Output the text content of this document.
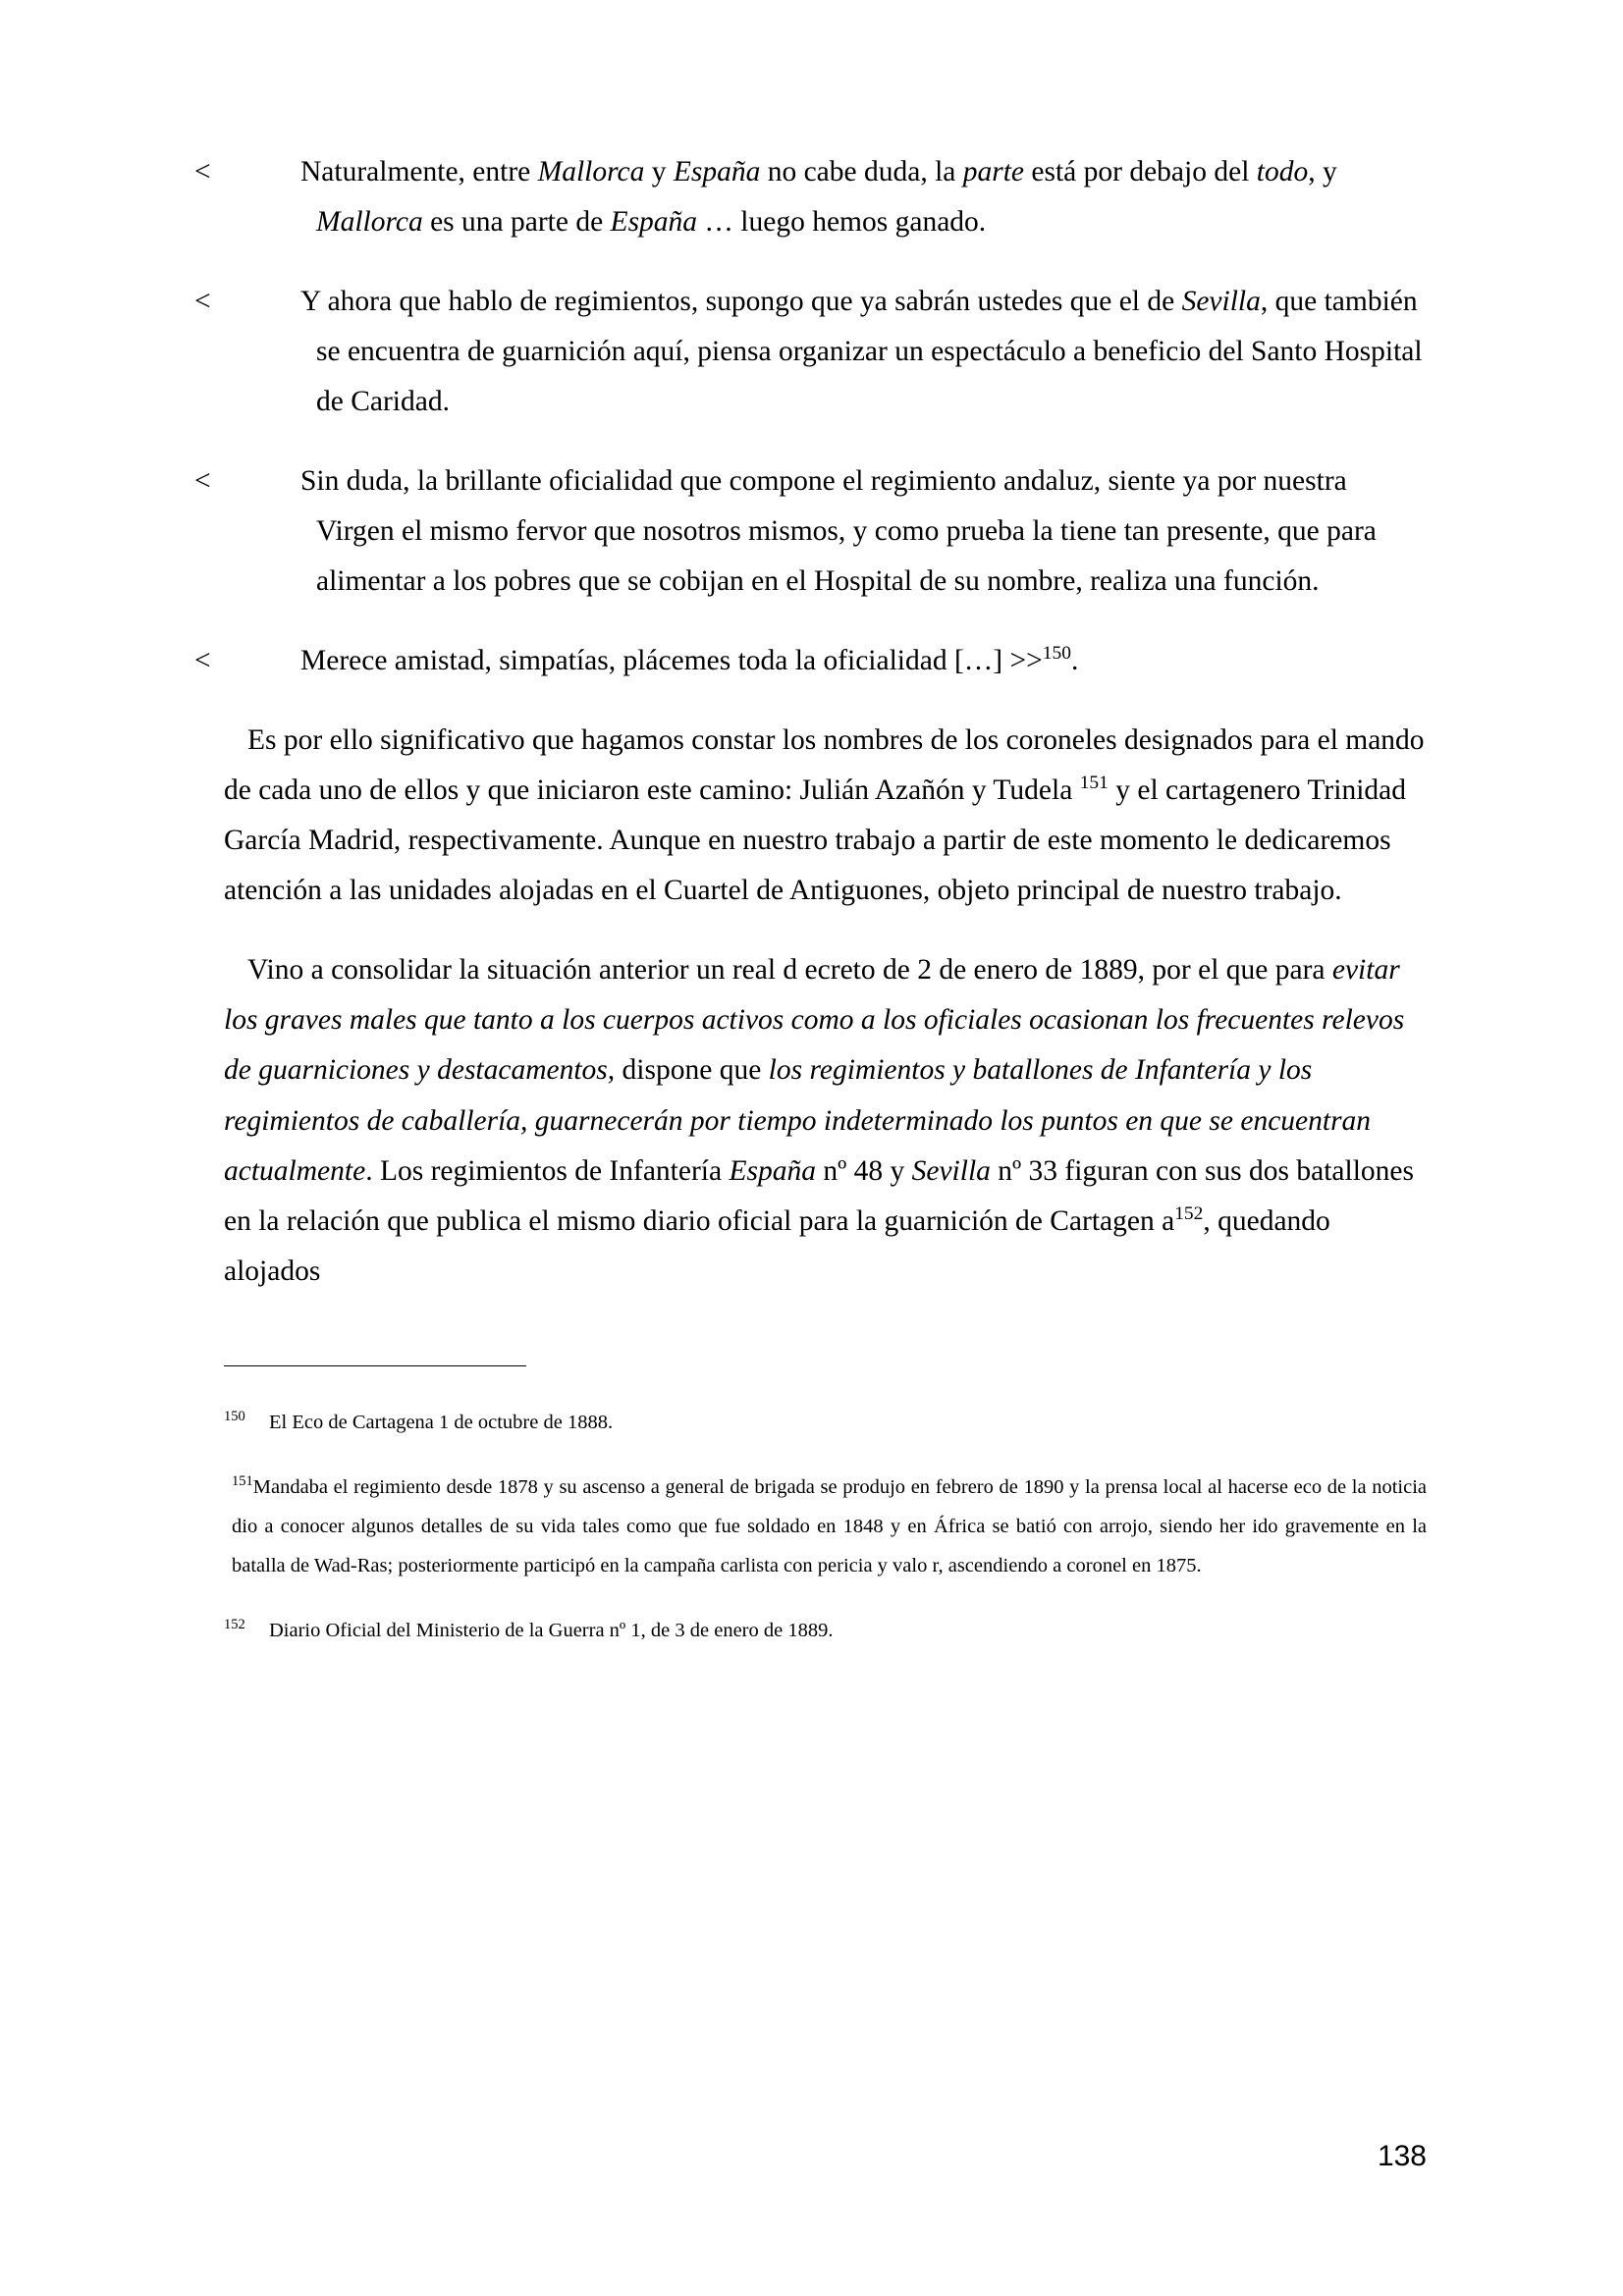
<	Naturalmente, entre Mallorca y España no cabe duda, la parte está por debajo del todo, y Mallorca es una parte de España … luego hemos ganado.

<	Y ahora que hablo de regimientos, supongo que ya sabrán ustedes que el de Sevilla, que también se encuentra de guarnición aquí, piensa organizar un espectáculo a beneficio del Santo Hospital de Caridad.

<	Sin duda, la brillante oficialidad que compone el regimiento andaluz, siente ya por nuestra Virgen el mismo fervor que nosotros mismos, y como prueba la tiene tan presente, que para alimentar a los pobres que se cobijan en el Hospital de su nombre, realiza una función.

<	Merece amistad, simpatías, plácemes toda la oficialidad […] >>$^{150}$.

Es por ello significativo que hagamos constar los nombres de los coroneles designados para el mando de cada uno de ellos y que iniciaron este camino: Julián Azañón y Tudela $^{151}$ y el cartagenero Trinidad García Madrid, respectivamente. Aunque en nuestro trabajo a partir de este momento le dedicaremos atención a las unidades alojadas en el Cuartel de Antiguones, objeto principal de nuestro trabajo.

Vino a consolidar la situación anterior un real d ecreto de 2 de enero de 1889, por el que para evitar los graves males que tanto a los cuerpos activos como a los oficiales ocasionan los frecuentes relevos de guarniciones y destacamentos, dispone que los regimientos y batallones de Infantería y los regimientos de caballería, guarnecerán por tiempo indeterminado los puntos en que se encuentran actualmente. Los regimientos de Infantería España nº 48 y Sevilla nº 33 figuran con sus dos batallones en la relación que publica el mismo diario oficial para la guarnición de Cartagen $a^{152}$, quedando alojados

150 El Eco de Cartagena 1 de octubre de 1888.

$^{151}$Mandaba el regimiento desde 1878 y su ascenso a general de brigada se produjo en febrero de 1890 y la prensa local al hacerse eco de la noticia dio a conocer algunos detalles de su vida tales como que fue soldado en 1848 y en África se batió con arrojo, siendo her ido gravemente en la batalla de Wad-Ras; posteriormente participó en la campaña carlista con pericia y valo r, ascendiendo a coronel en 1875.

152 Diario Oficial del Ministerio de la Guerra nº 1, de 3 de enero de 1889.

138
